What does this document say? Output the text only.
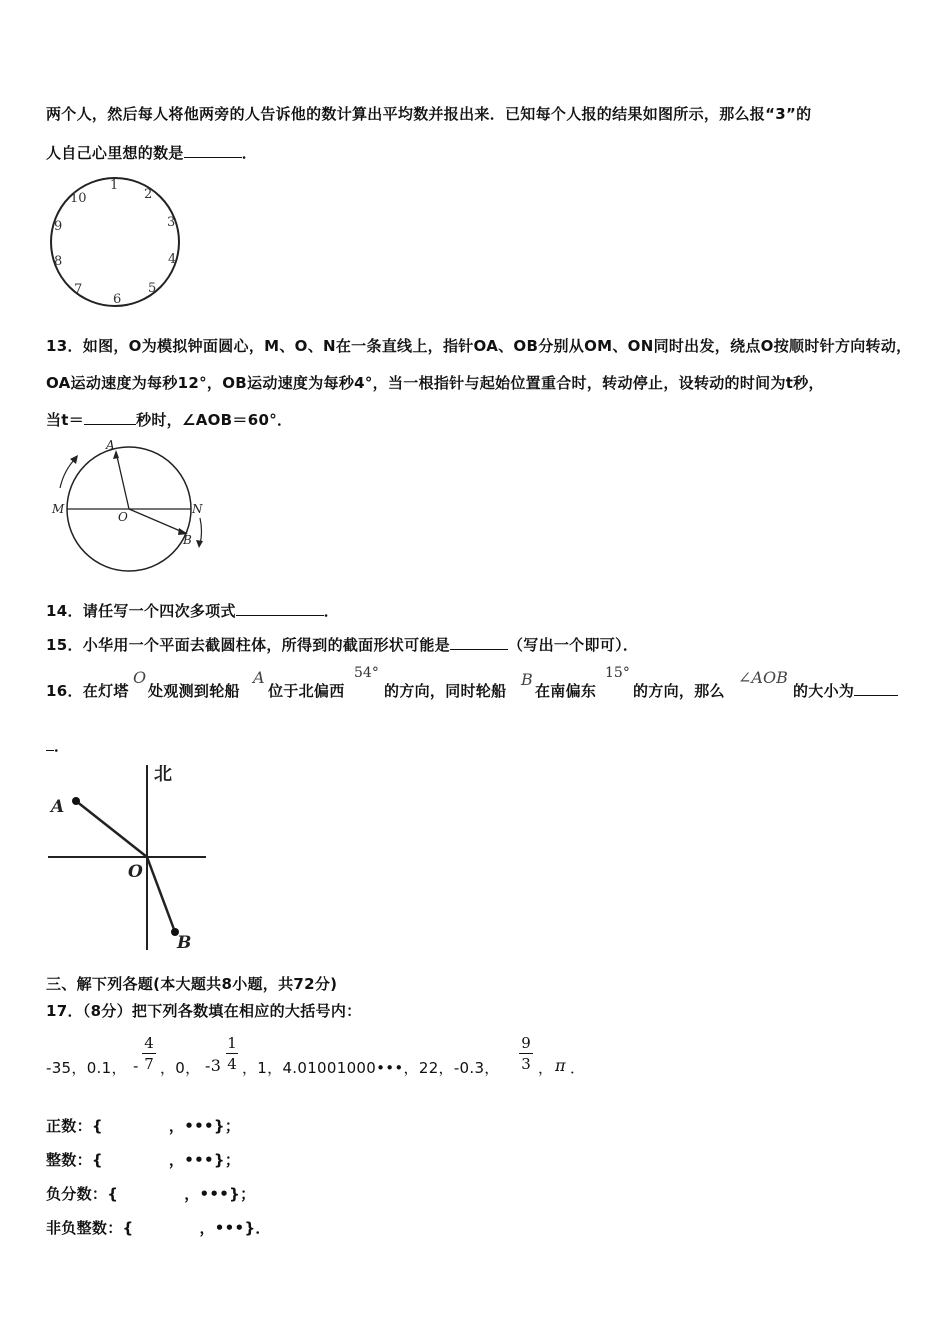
两个人，然后每人将他两旁的人告诉他的数计算出平均数并报出来．已知每个人报的结果如图所示，那么报“3”的
人自己心里想的数是	．
1
2
3
4
5
6
7
8
9
10
13．如图，O为模拟钟面圆心，M、O、N在一条直线上，指针OA、OB分别从OM、ON同时出发，绕点O按顺时针方向转动，
OA运动速度为每秒12°，OB运动速度为每秒4°，当一根指针与起始位置重合时，转动停止，设转动的时间为t秒，
当t＝	秒时，∠AOB＝60°．
A
M
O
N
B
14．请任写一个四次多项式	．
15．小华用一个平面去截圆柱体，所得到的截面形状可能是	（写出一个即可）．
16．在灯塔
O
处观测到轮船
A
位于北偏西
54°
的方向，同时轮船
B
在南偏东
15°
的方向，那么
∠AOB
的大小为
．
北
A
O
B
三、解下列各题(本大题共8小题，共72分)
17．（8分）把下列各数填在相应的大括号内：
-35，0.1， -
4
7 ，0， -3
1
4 ，1，4.01001000•••，22，-0.3，
9
3 ， π ．
正数：{	，•••}；
整数：{	，•••}；
负分数：{	，•••}；
非负整数：{	，•••}．
